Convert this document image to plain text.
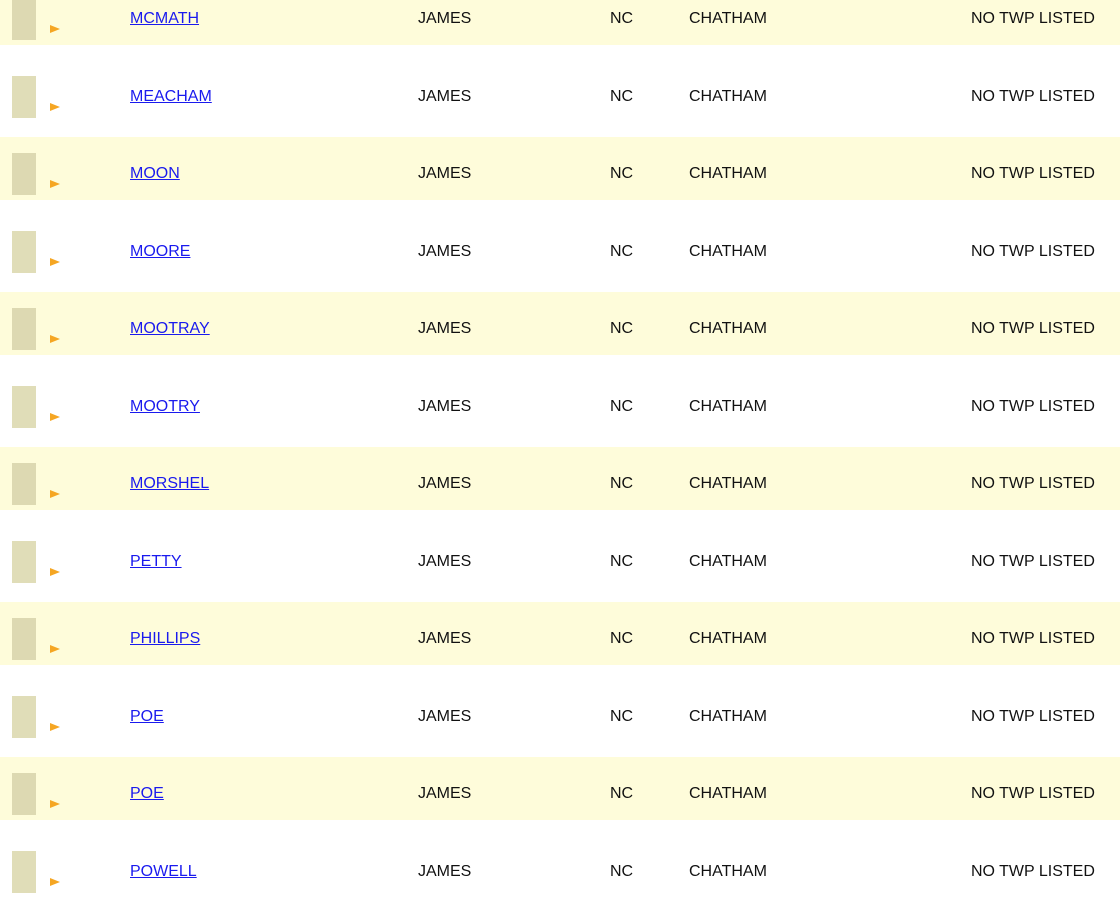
MCMATH	JAMES	NC	CHATHAM	NO TWP LISTED
MEACHAM	JAMES	NC	CHATHAM	NO TWP LISTED
MOON	JAMES	NC	CHATHAM	NO TWP LISTED
MOORE	JAMES	NC	CHATHAM	NO TWP LISTED
MOOTRAY	JAMES	NC	CHATHAM	NO TWP LISTED
MOOTRY	JAMES	NC	CHATHAM	NO TWP LISTED
MORSHEL	JAMES	NC	CHATHAM	NO TWP LISTED
PETTY	JAMES	NC	CHATHAM	NO TWP LISTED
PHILLIPS	JAMES	NC	CHATHAM	NO TWP LISTED
POE	JAMES	NC	CHATHAM	NO TWP LISTED
POE	JAMES	NC	CHATHAM	NO TWP LISTED
POWELL	JAMES	NC	CHATHAM	NO TWP LISTED
